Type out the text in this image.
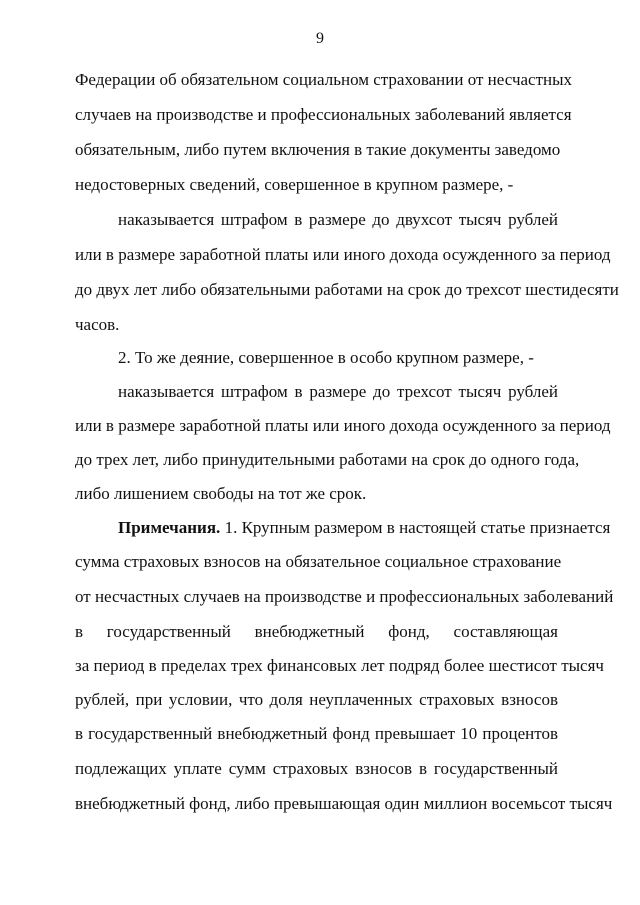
9
Федерации об обязательном социальном страховании от несчастных
случаев на производстве и профессиональных заболеваний является
обязательным, либо путем включения в такие документы заведомо
недостоверных сведений, совершенное в крупном размере, -
наказывается штрафом в размере до двухсот тысяч рублей
или в размере заработной платы или иного дохода осужденного за период
до двух лет либо обязательными работами на срок до трехсот шестидесяти
часов.
2. То же деяние, совершенное в особо крупном размере, -
наказывается штрафом в размере до трехсот тысяч рублей
или в размере заработной платы или иного дохода осужденного за период
до трех лет, либо принудительными работами на срок до одного года,
либо лишением свободы на тот же срок.
Примечания. 1. Крупным размером в настоящей статье признается
сумма страховых взносов на обязательное социальное страхование
от несчастных случаев на производстве и профессиональных заболеваний
в государственный внебюджетный фонд, составляющая
за период в пределах трех финансовых лет подряд более шестисот тысяч
рублей, при условии, что доля неуплаченных страховых взносов
в государственный внебюджетный фонд превышает 10 процентов
подлежащих уплате сумм страховых взносов в государственный
внебюджетный фонд, либо превышающая один миллион восемьсот тысяч
